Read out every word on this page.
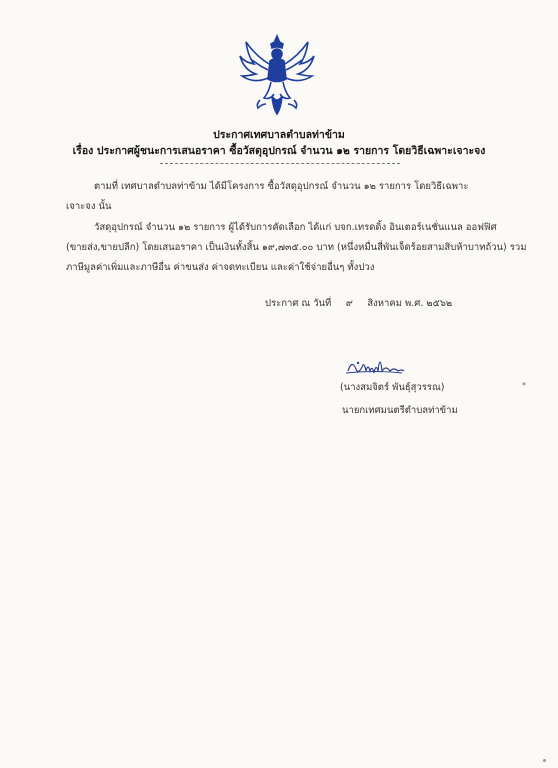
ประกาศเทศบาลตำบลท่าข้าม
เรื่อง ประกาศผู้ชนะการเสนอราคา ซื้อวัสดุอุปกรณ์ จำนวน ๑๒ รายการ โดยวิธีเฉพาะเจาะจง
ตามที่ เทศบาลตำบลท่าข้าม ได้มีโครงการ ซื้อวัสดุอุปกรณ์ จำนวน ๑๒ รายการ โดยวิธีเฉพาะ
เจาะจง นั้น
วัสดุอุปกรณ์ จำนวน ๑๒ รายการ ผู้ได้รับการคัดเลือก ได้แก่ บจก.เทรดดิ้ง อินเตอร์เนชั่นแนล ออฟฟิศ
(ขายส่ง,ขายปลีก) โดยเสนอราคา เป็นเงินทั้งสิ้น ๑๙,๗๓๕.๐๐ บาท (หนึ่งหมื่นสี่พันเจ็ดร้อยสามสิบห้าบาทถ้วน) รวม
ภาษีมูลค่าเพิ่มและภาษีอื่น ค่าขนส่ง ค่าจดทะเบียน และค่าใช้จ่ายอื่นๆ ทั้งปวง
ประกาศ ณ วันที่ ๙ สิงหาคม พ.ศ. ๒๕๖๒
(นางสมจิตร์ พันธุ์สุวรรณ)
นายกเทศมนตรีตำบลท่าข้าม
*
